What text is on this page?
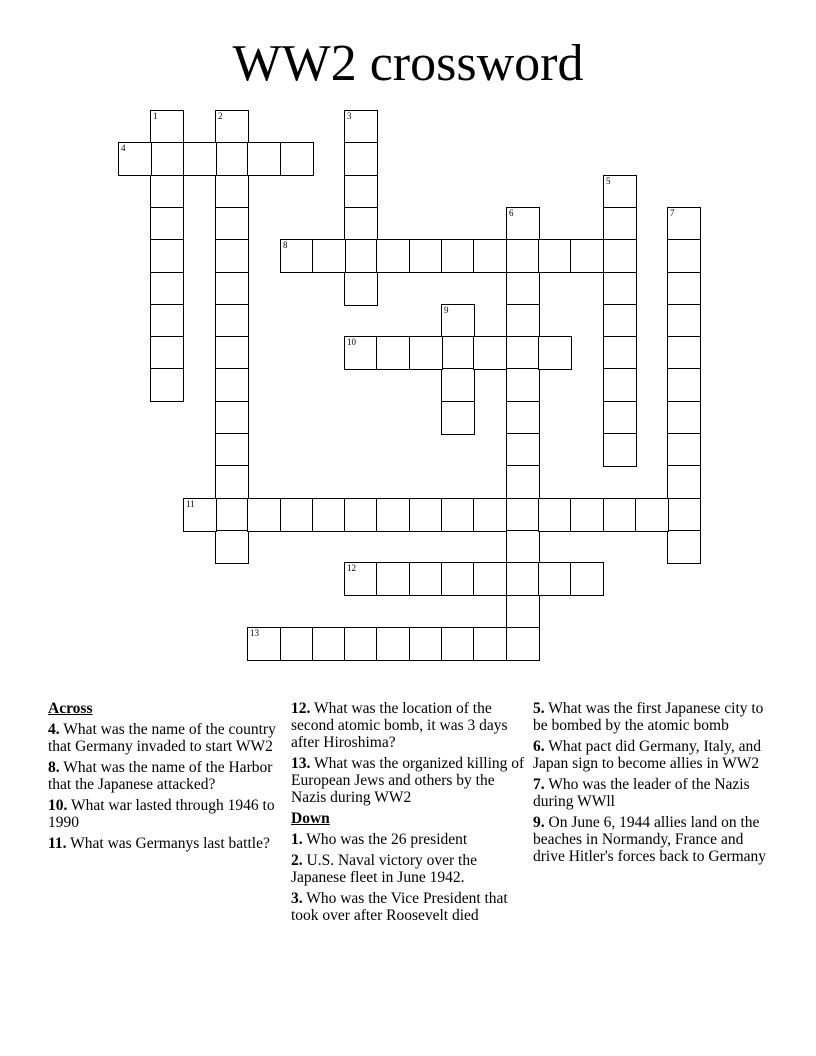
WW2 crossword
1	2	3
4
5
6	7
8
9
10
11
12
13
Across
4. What was the name of the country that Germany invaded to start WW2
8. What was the name of the Harbor that the Japanese attacked?
10. What war lasted through 1946 to 1990
11. What was Germanys last battle?
12. What was the location of the second atomic bomb, it was 3 days after Hiroshima?
13. What was the organized killing of European Jews and others by the Nazis during WW2
Down
1. Who was the 26 president
2. U.S. Naval victory over the Japanese fleet in June 1942.
3. Who was the Vice President that took over after Roosevelt died
5. What was the first Japanese city to be bombed by the atomic bomb
6. What pact did Germany, Italy, and Japan sign to become allies in WW2
7. Who was the leader of the Nazis during WWll
9. On June 6, 1944 allies land on the beaches in Normandy, France and drive Hitler's forces back to Germany
